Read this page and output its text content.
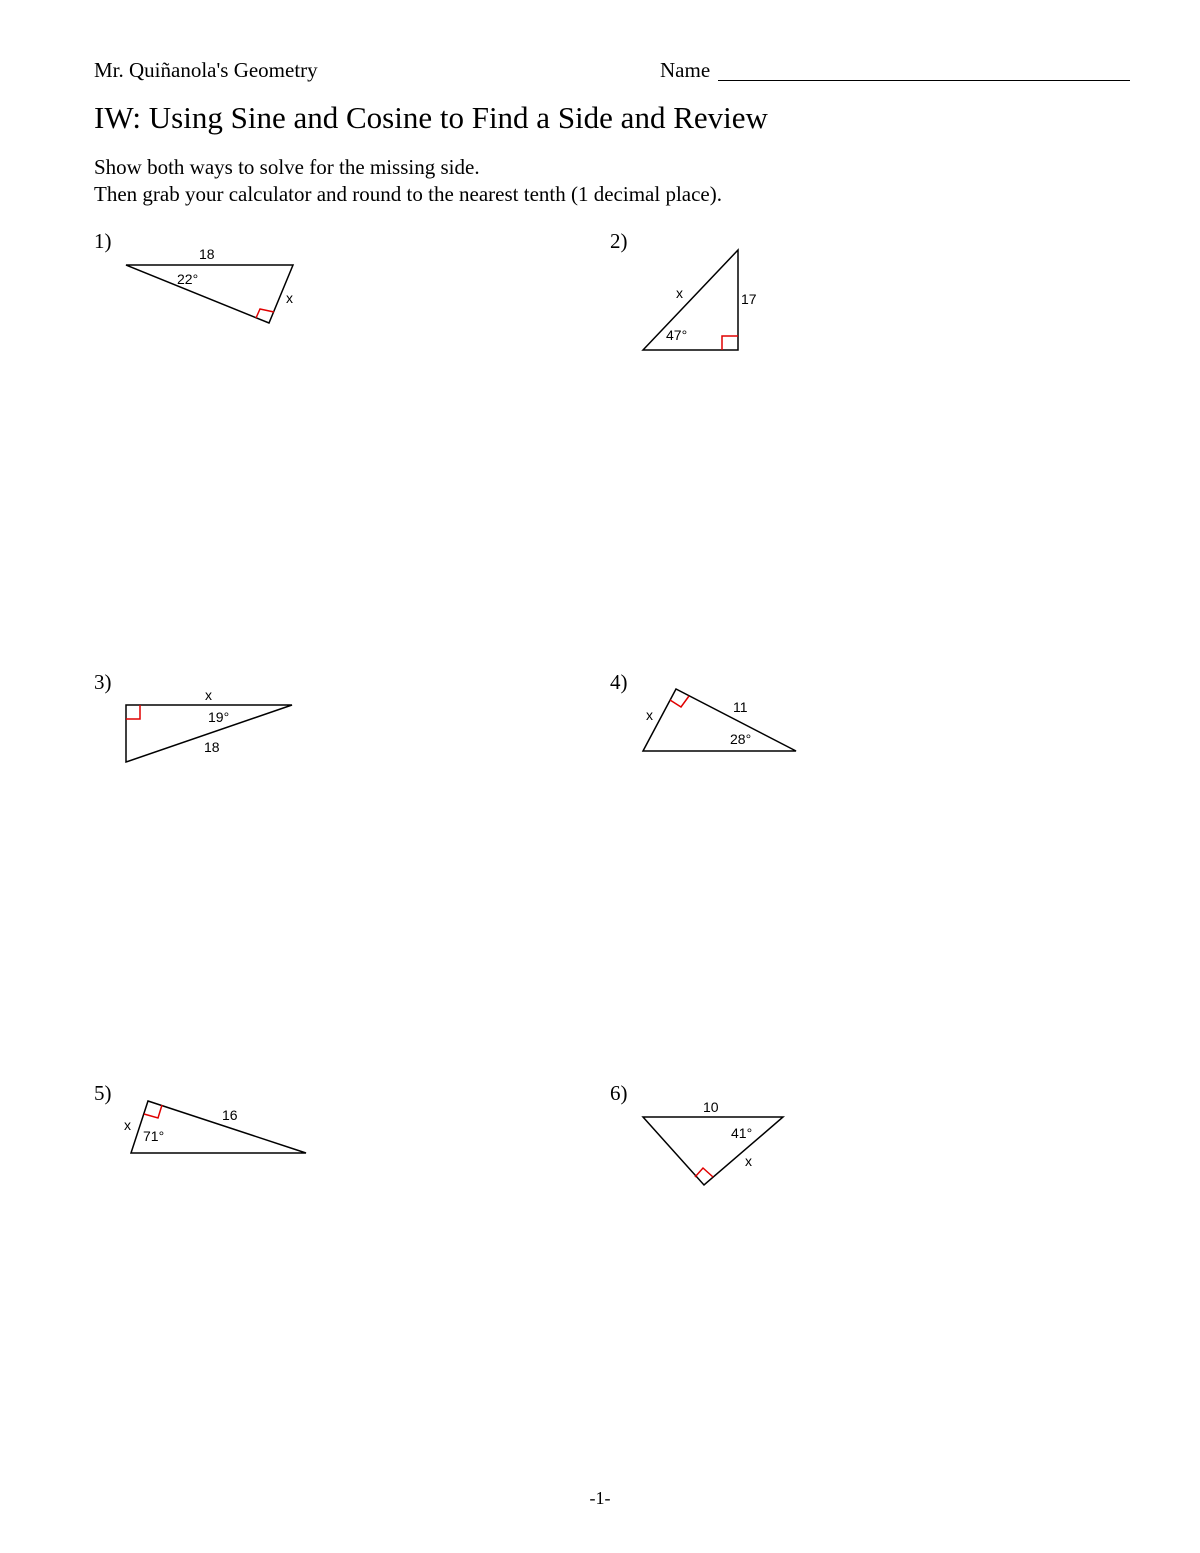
Mr. Quiñanola's Geometry	Name
IW: Using Sine and Cosine to Find a Side and Review
Show both ways to solve for the missing side.
Then grab your calculator and round to the nearest tenth (1 decimal place).
1)	2)
3)	4)
5)	6)
18
22°
x	x	17
47°
x
19°
18
x	11
28°
x
16
71°
10
41°
x
-1-
